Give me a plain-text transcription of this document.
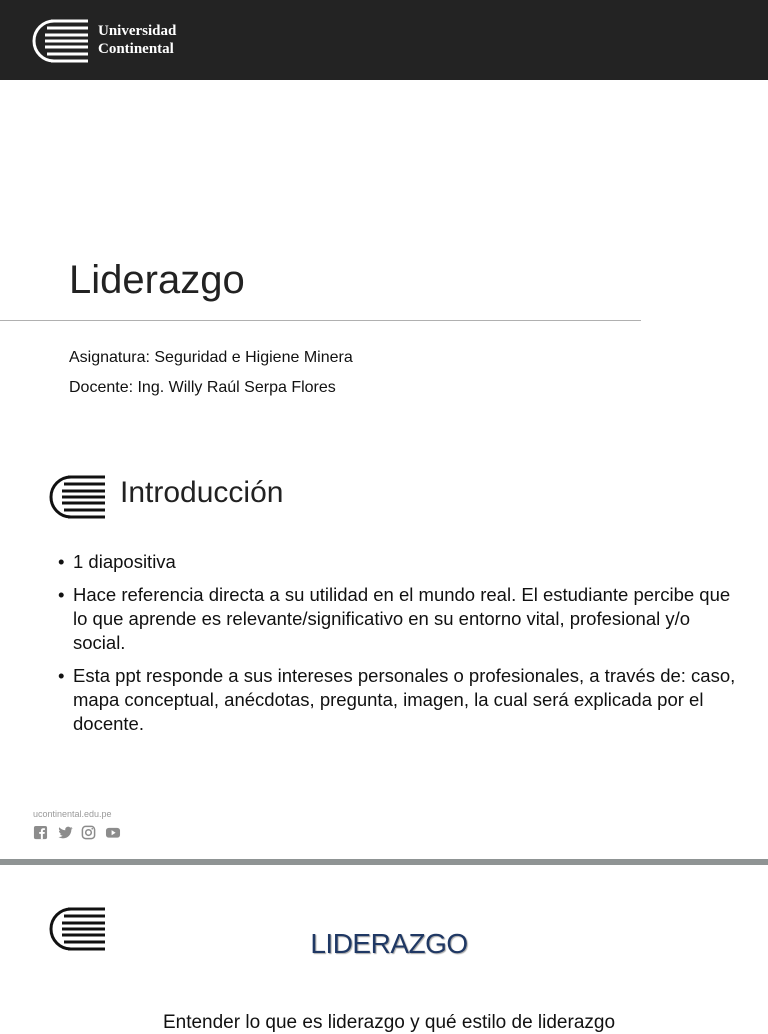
Universidad
Continental
Liderazgo
Asignatura: Seguridad e Higiene Minera
Docente: Ing. Willy Raúl Serpa Flores
Introducción
• 1 diapositiva
• Hace referencia directa a su utilidad en el mundo real. El estudiante percibe que lo que aprende es relevante/significativo en su entorno vital, profesional y/o social.
• Esta ppt responde a sus intereses personales o profesionales, a través de: caso, mapa conceptual, anécdotas, pregunta, imagen, la cual será explicada por el docente.
ucontinental.edu.pe
LIDERAZGO
Entender lo que es liderazgo y qué estilo de liderazgo
